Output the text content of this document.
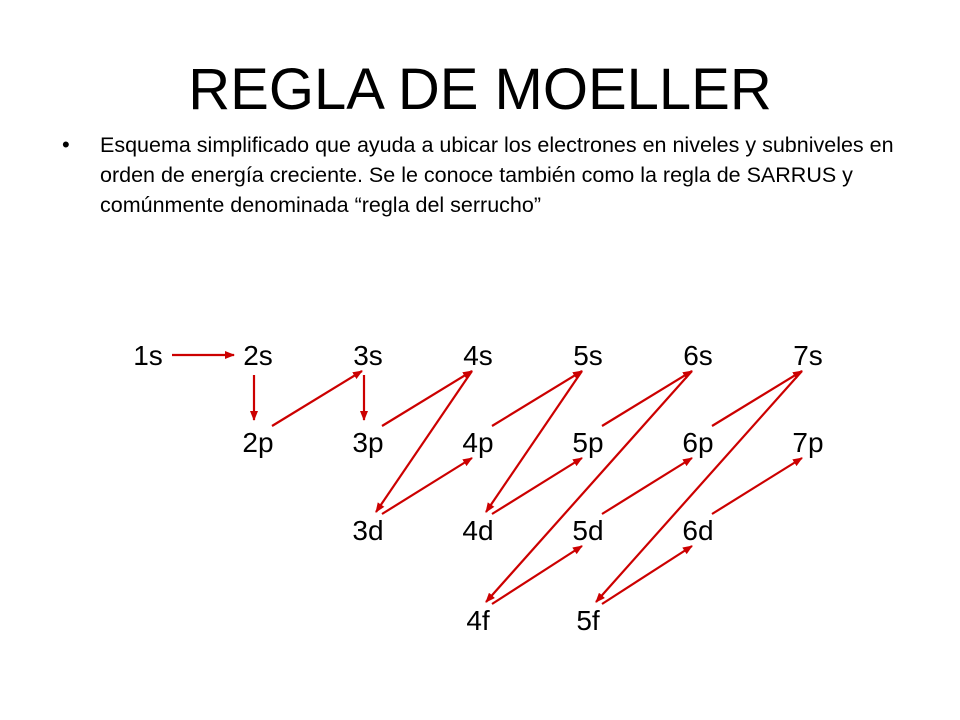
REGLA DE MOELLER
•	Esquema simplificado que ayuda a ubicar los electrones en niveles y subniveles en orden de energía creciente. Se le conoce también como la regla de SARRUS y comúnmente denominada “regla del serrucho”
1s	2s	3s	4s	5s	6s	7s
2p	3p	4p	5p	6p	7p
3d	4d	5d	6d
4f	5f
